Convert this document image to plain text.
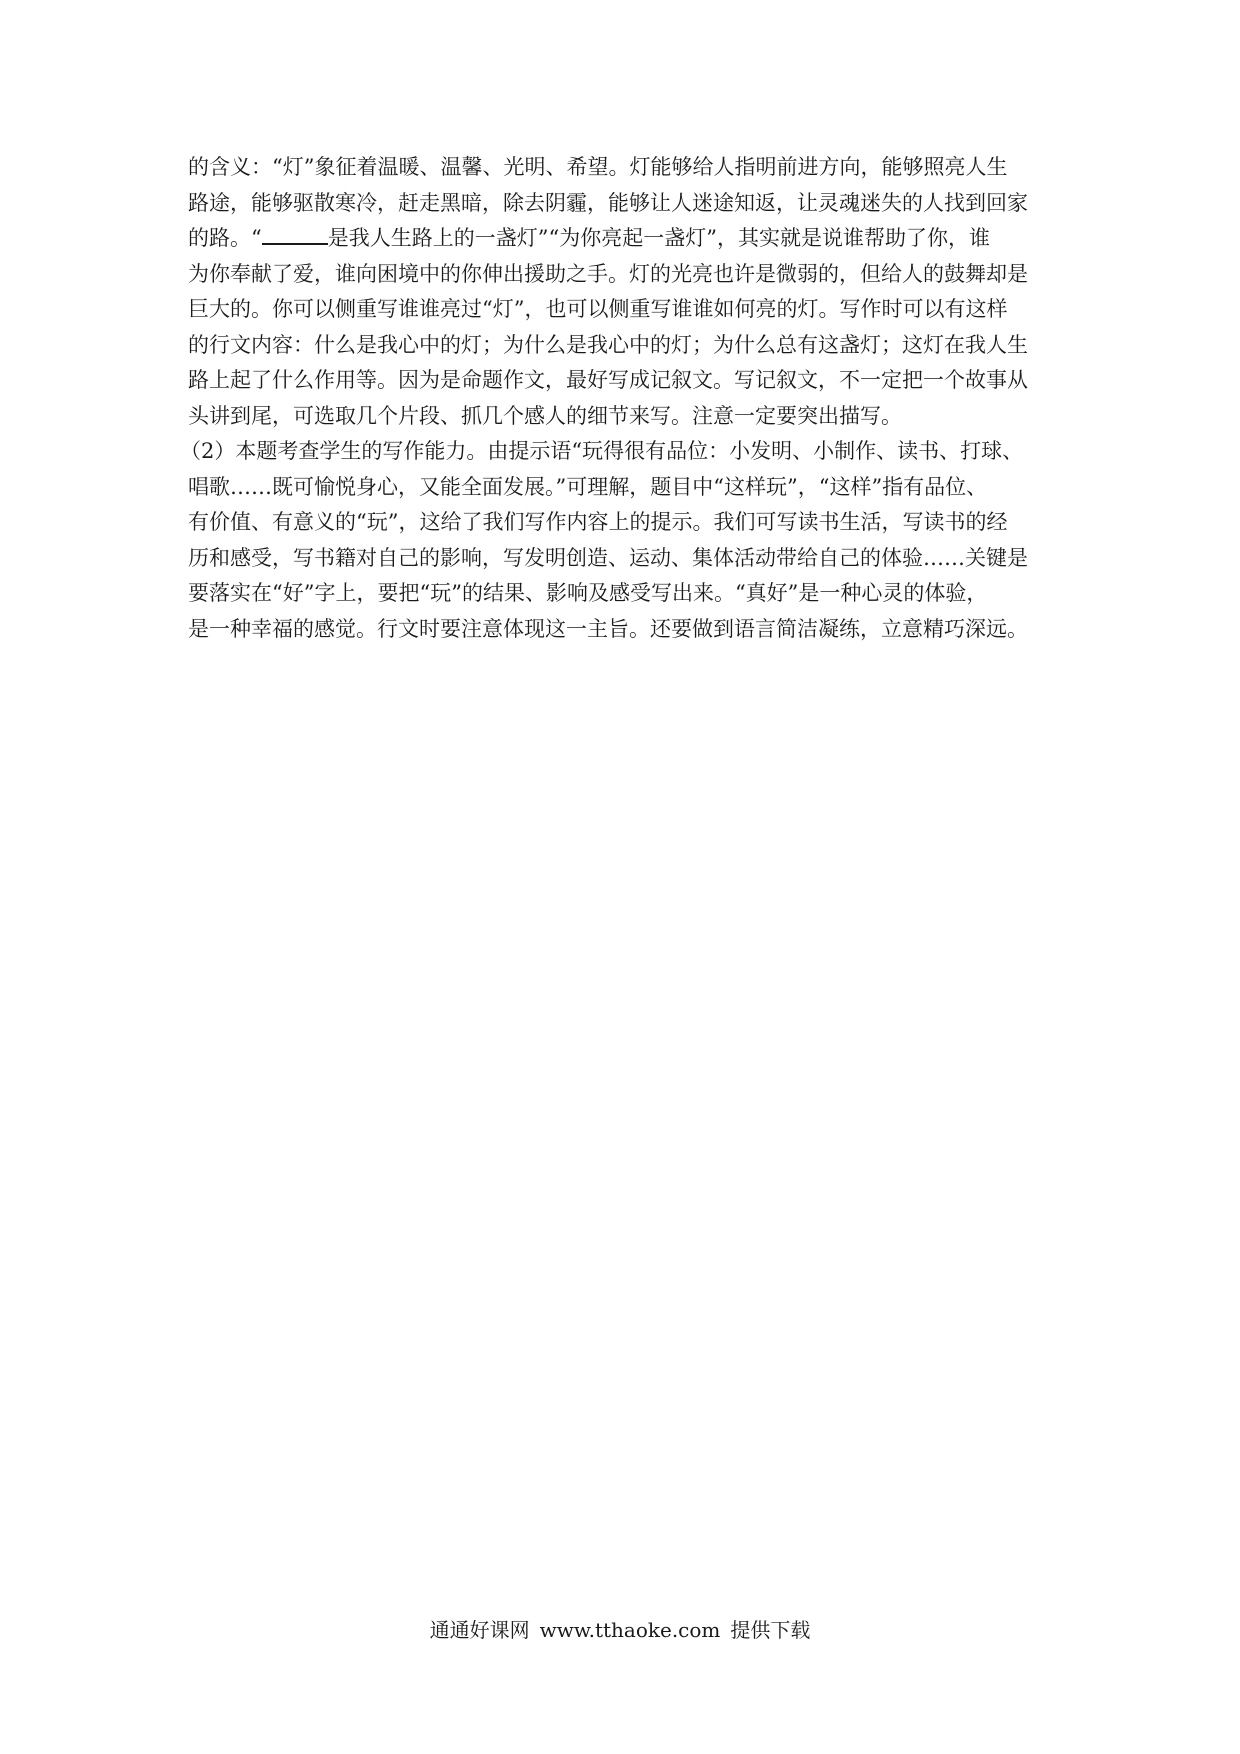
的含义：“灯”象征着温暖、温馨、光明、希望。灯能够给人指明前进方向，能够照亮人生
路途，能够驱散寒冷，赶走黑暗，除去阴霾，能够让人迷途知返，让灵魂迷失的人找到回家
的路。“	是我人生路上的一盏灯”“为你亮起一盏灯”，其实就是说谁帮助了你，谁
为你奉献了爱，谁向困境中的你伸出援助之手。灯的光亮也许是微弱的，但给人的鼓舞却是
巨大的。你可以侧重写谁谁亮过“灯”，也可以侧重写谁谁如何亮的灯。写作时可以有这样
的行文内容：什么是我心中的灯；为什么是我心中的灯；为什么总有这盏灯；这灯在我人生
路上起了什么作用等。因为是命题作文，最好写成记叙文。写记叙文，不一定把一个故事从
头讲到尾，可选取几个片段、抓几个感人的细节来写。注意一定要突出描写。
（2）本题考查学生的写作能力。由提示语“玩得很有品位：小发明、小制作、读书、打球、
唱歌……既可愉悦身心，又能全面发展。”可理解，题目中“这样玩”，“这样”指有品位、
有价值、有意义的“玩”，这给了我们写作内容上的提示。我们可写读书生活，写读书的经
历和感受，写书籍对自己的影响，写发明创造、运动、集体活动带给自己的体验……关键是
要落实在“好”字上，要把“玩”的结果、影响及感受写出来。“真好”是一种心灵的体验，
是一种幸福的感觉。行文时要注意体现这一主旨。还要做到语言简洁凝练，立意精巧深远。
通通好课网 www.tthaoke.com 提供下载
